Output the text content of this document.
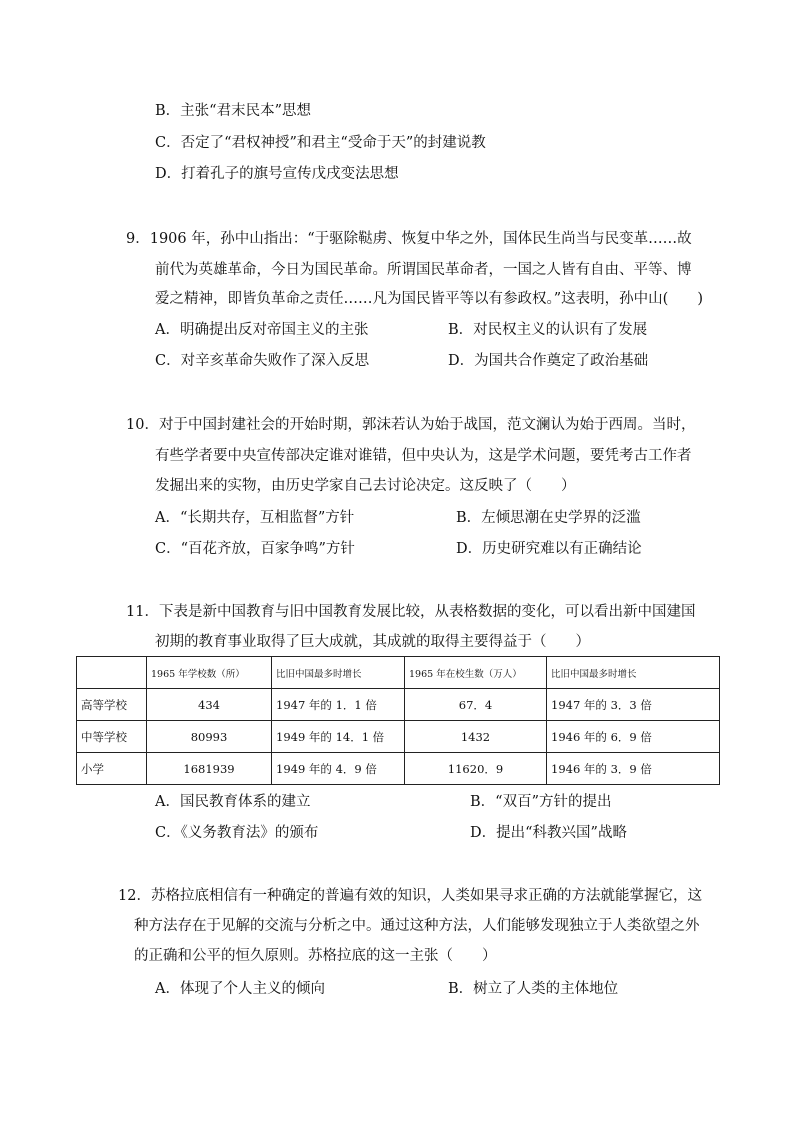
B．主张“君末民本”思想
C．否定了“君权神授”和君主“受命于天”的封建说教
D．打着孔子的旗号宣传戊戌变法思想
9．1906 年，孙中山指出：“于驱除鞑虏、恢复中华之外，国体民生尚当与民变革……故
前代为英雄革命，今日为国民革命。所谓国民革命者，一国之人皆有自由、平等、博
爱之精神，即皆负革命之责任……凡为国民皆平等以有参政权。”这表明，孙中山(　　)
A．明确提出反对帝国主义的主张	B．对民权主义的认识有了发展
C．对辛亥革命失败作了深入反思	D．为国共合作奠定了政治基础
10．对于中国封建社会的开始时期，郭沫若认为始于战国，范文澜认为始于西周。当时，
有些学者要中央宣传部决定谁对谁错，但中央认为，这是学术问题，要凭考古工作者
发掘出来的实物，由历史学家自己去讨论决定。这反映了（　　）
A．“长期共存，互相监督”方针	B．左倾思潮在史学界的泛滥
C．“百花齐放，百家争鸣”方针	D．历史研究难以有正确结论
11．下表是新中国教育与旧中国教育发展比较，从表格数据的变化，可以看出新中国建国
初期的教育事业取得了巨大成就，其成就的取得主要得益于（　　）
	1965 年学校数（所）	比旧中国最多时增长	1965 年在校生数（万人）	比旧中国最多时增长
高等学校	434	1947 年的 1．1 倍	67．4	1947 年的 3．3 倍
中等学校	80993	1949 年的 14．1 倍	1432	1946 年的 6．9 倍
小学	1681939	1949 年的 4．9 倍	11620．9	1946 年的 3．9 倍
A．国民教育体系的建立	B．“双百”方针的提出
C．《义务教育法》的颁布	D．提出“科教兴国”战略
12．苏格拉底相信有一种确定的普遍有效的知识，人类如果寻求正确的方法就能掌握它，这
种方法存在于见解的交流与分析之中。通过这种方法，人们能够发现独立于人类欲望之外
的正确和公平的恒久原则。苏格拉底的这一主张（　　）
A．体现了个人主义的倾向	B．树立了人类的主体地位
